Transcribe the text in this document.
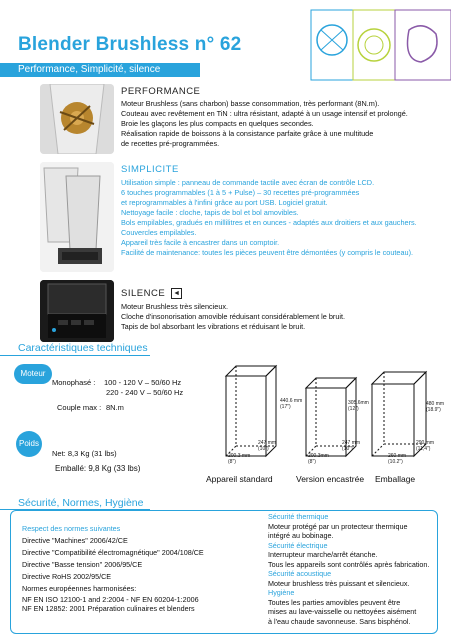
Blender Brushless n° 62
Performance, Simplicité, silence
PERFORMANCE
Moteur Brushless (sans charbon) basse consommation, très performant (8N.m).
Couteau avec revêtement en TiN : ultra résistant, adapté à un usage intensif et prolongé.
Broie les glaçons les plus compacts en quelques secondes.
Réalisation rapide de boissons à la consistance parfaite grâce à une multitude
de recettes pré-programmées.
SIMPLICITE
Utilisation simple : panneau de commande tactile avec écran de contrôle LCD.
6 touches programmables (1 à 5 + Pulse) – 30 recettes pré-programmées
et reprogrammables à l'infini grâce au port USB. Logiciel gratuit.
Nettoyage facile : cloche, tapis de bol et bol amovibles.
Bols empilables, gradués en millilitres et en ounces - adaptés aux droitiers et aux gauchers.
Couvercles empilables.
Appareil très facile à encastrer dans un comptoir.
Facilité de maintenance: toutes les pièces peuvent être démontées (y compris le couteau).
SILENCE ◄
Moteur Brushless très silencieux.
Cloche d'insonorisation amovible réduisant considérablement le bruit.
Tapis de bol absorbant les vibrations et réduisant le bruit.
Caractéristiques techniques
Moteur
Monophasé : 100 - 120 V – 50/60 Hz
220 - 240 V – 50/60 Hz
Couple max : 8N.m
Poids
Net: 8,3 Kg (31 lbs)
Emballé: 9,8 Kg (33 lbs)
440.6 mm
(17")
247 mm
(10")
200.3 mm
(8")
305.6mm
(12")
247 mm
(10")
200.3mm
(8")
480 mm
(18.9")
290 mm
(11,4")
260 mm
(10.2")
Appareil standard	Version encastrée Emballage
Sécurité, Normes, Hygiène
Respect des normes suivantes
Directive "Machines" 2006/42/CE
Directive "Compatibilité électromagnétique" 2004/108/CE
Directive "Basse tension" 2006/95/CE
Directive RoHS 2002/95/CE
Normes européennes harmonisées:
NF EN ISO 12100-1 and 2:2004 - NF EN 60204-1:2006
NF EN 12852: 2001 Préparation culinaires et blenders
Sécurité thermique
Moteur protégé par un protecteur thermique
intégré au bobinage.
Sécurité électrique
Interrupteur marche/arrêt étanche.
Tous les appareils sont contrôlés après fabrication.
Sécurité acoustique
Moteur brushless très puissant et silencieux.
Hygiène
Toutes les parties amovibles peuvent être
mises au lave-vaisselle ou nettoyées aisément
à l'eau chaude savonneuse. Sans bisphénol.
